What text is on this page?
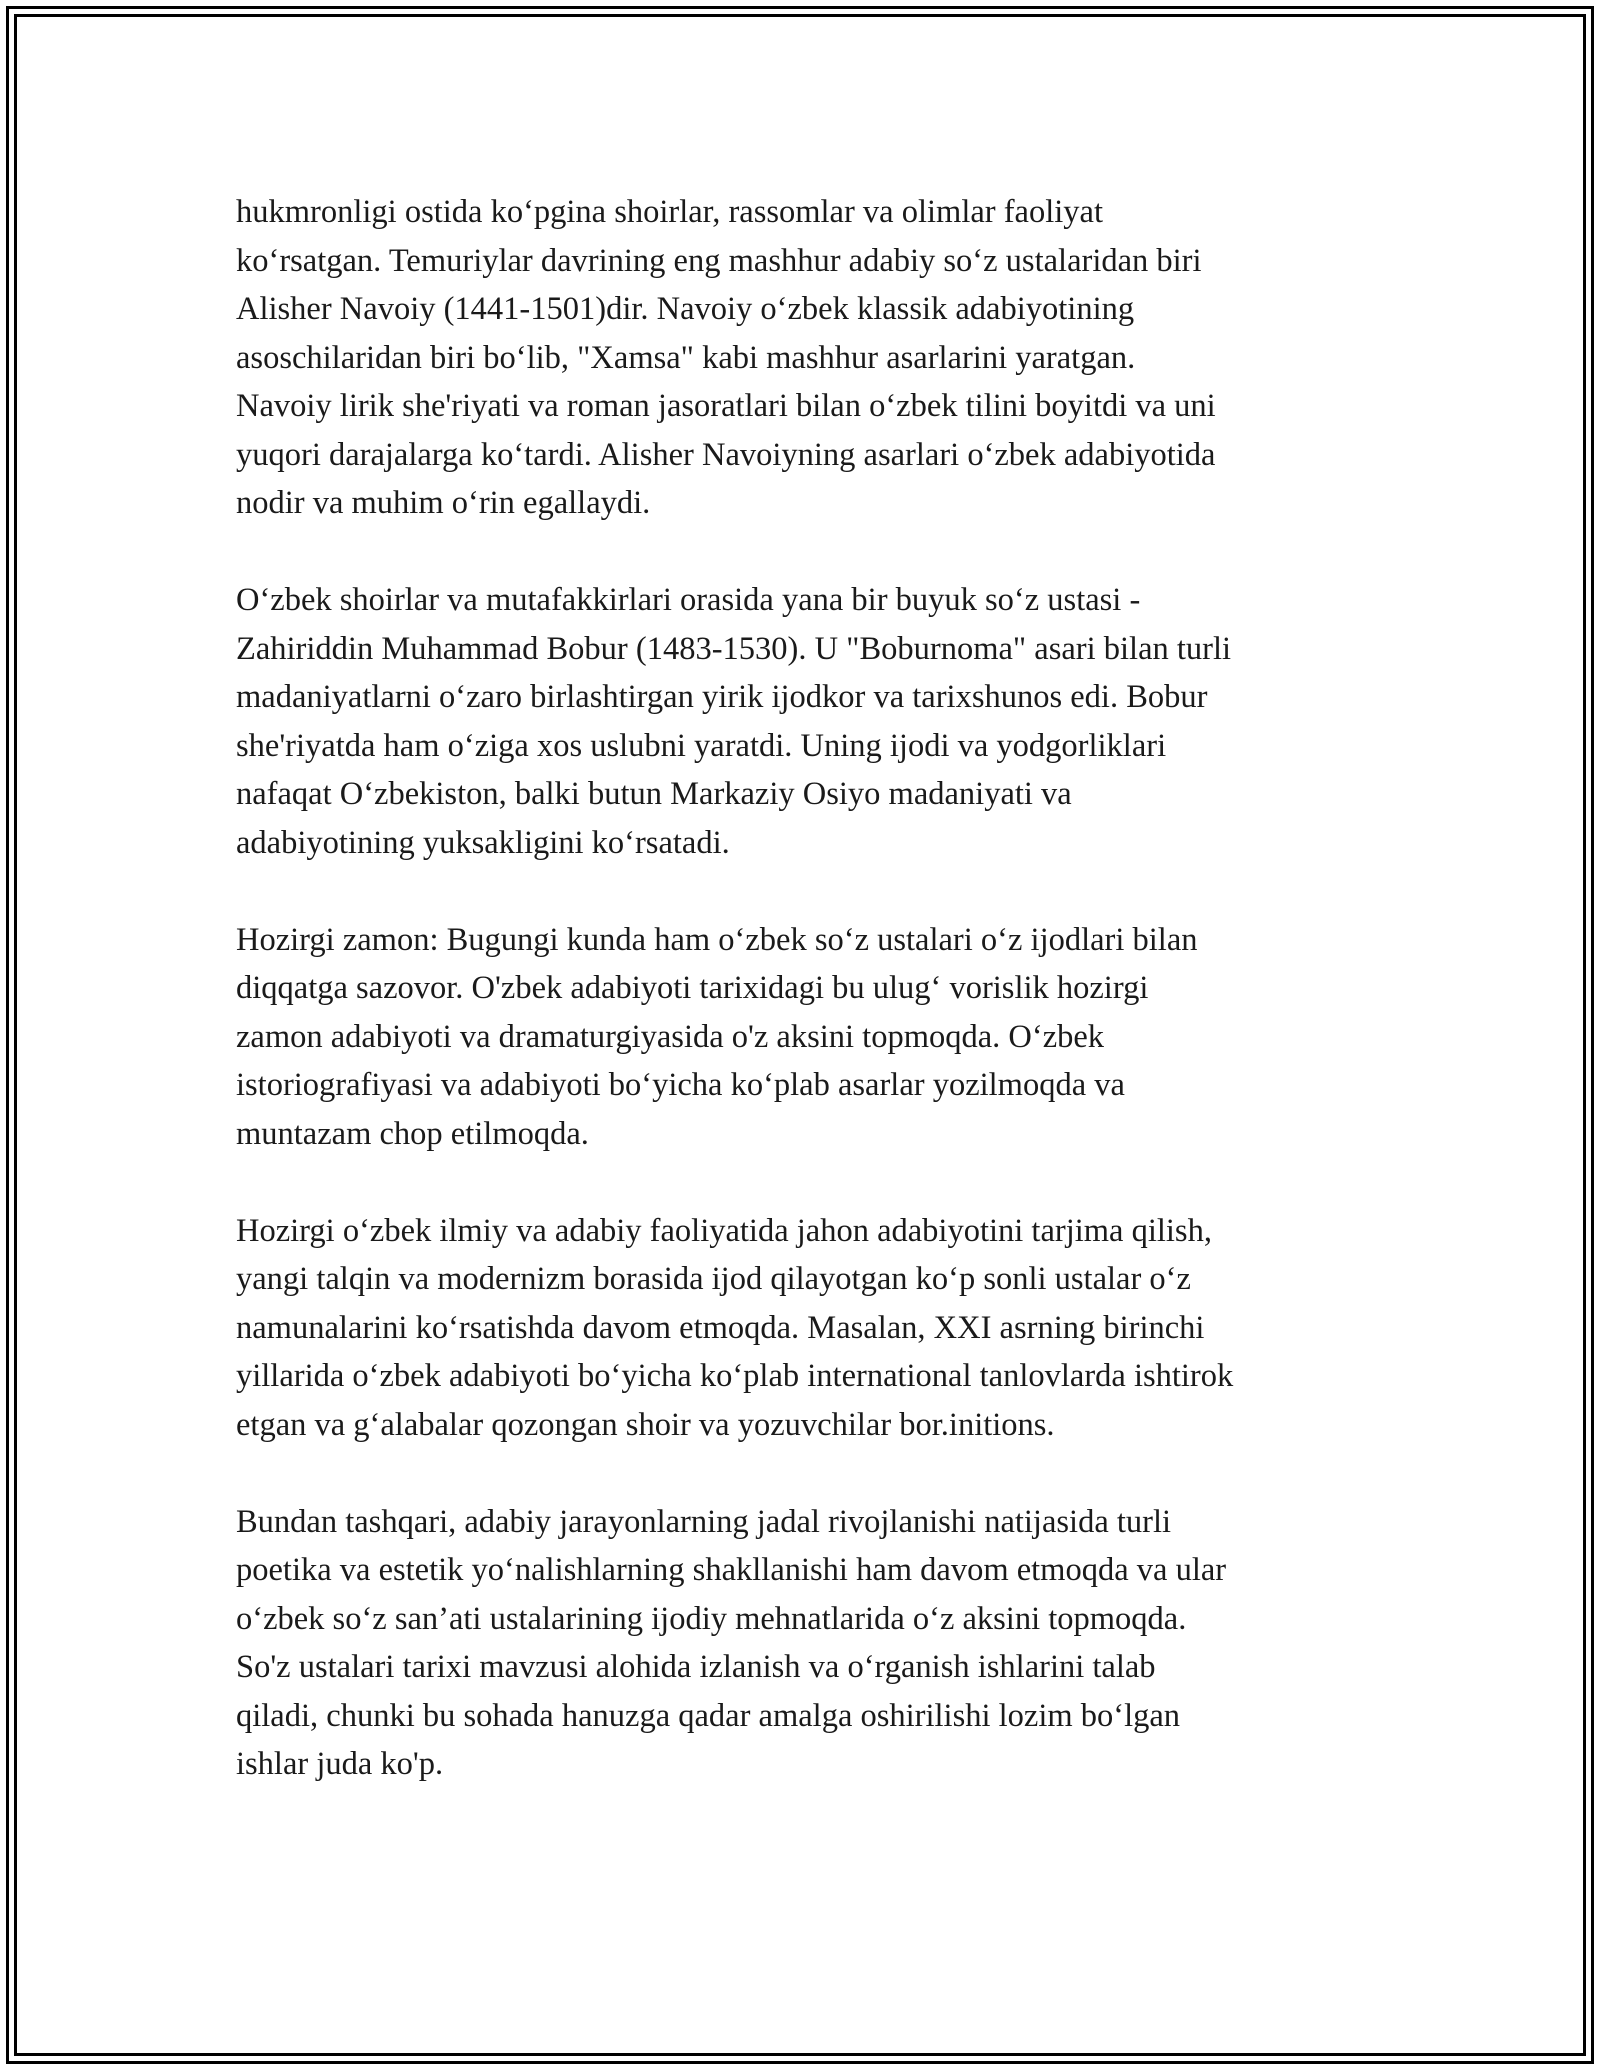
hukmronligi ostida ko‘pgina shoirlar, rassomlar va olimlar faoliyat
ko‘rsatgan. Temuriylar davrining eng mashhur adabiy so‘z ustalaridan biri
Alisher Navoiy (1441-1501)dir. Navoiy o‘zbek klassik adabiyotining
asoschilaridan biri bo‘lib, "Xamsa" kabi mashhur asarlarini yaratgan.
Navoiy lirik she'riyati va roman jasoratlari bilan o‘zbek tilini boyitdi va uni
yuqori darajalarga ko‘tardi. Alisher Navoiyning asarlari o‘zbek adabiyotida
nodir va muhim o‘rin egallaydi.

O‘zbek shoirlar va mutafakkirlari orasida yana bir buyuk so‘z ustasi -
Zahiriddin Muhammad Bobur (1483-1530). U "Boburnoma" asari bilan turli
madaniyatlarni o‘zaro birlashtirgan yirik ijodkor va tarixshunos edi. Bobur
she'riyatda ham o‘ziga xos uslubni yaratdi. Uning ijodi va yodgorliklari
nafaqat O‘zbekiston, balki butun Markaziy Osiyo madaniyati va
adabiyotining yuksakligini ko‘rsatadi.

Hozirgi zamon: Bugungi kunda ham o‘zbek so‘z ustalari o‘z ijodlari bilan
diqqatga sazovor. O'zbek adabiyoti tarixidagi bu ulug‘ vorislik hozirgi
zamon adabiyoti va dramaturgiyasida o'z aksini topmoqda. O‘zbek
istoriografiyasi va adabiyoti bo‘yicha ko‘plab asarlar yozilmoqda va
muntazam chop etilmoqda.

Hozirgi o‘zbek ilmiy va adabiy faoliyatida jahon adabiyotini tarjima qilish,
yangi talqin va modernizm borasida ijod qilayotgan ko‘p sonli ustalar o‘z
namunalarini ko‘rsatishda davom etmoqda. Masalan, XXI asrning birinchi
yillarida o‘zbek adabiyoti bo‘yicha ko‘plab international tanlovlarda ishtirok
etgan va g‘alabalar qozongan shoir va yozuvchilar bor.initions.

Bundan tashqari, adabiy jarayonlarning jadal rivojlanishi natijasida turli
poetika va estetik yo‘nalishlarning shakllanishi ham davom etmoqda va ular
o‘zbek so‘z san’ati ustalarining ijodiy mehnatlarida o‘z aksini topmoqda.
So'z ustalari tarixi mavzusi alohida izlanish va o‘rganish ishlarini talab
qiladi, chunki bu sohada hanuzga qadar amalga oshirilishi lozim bo‘lgan
ishlar juda ko'p.
